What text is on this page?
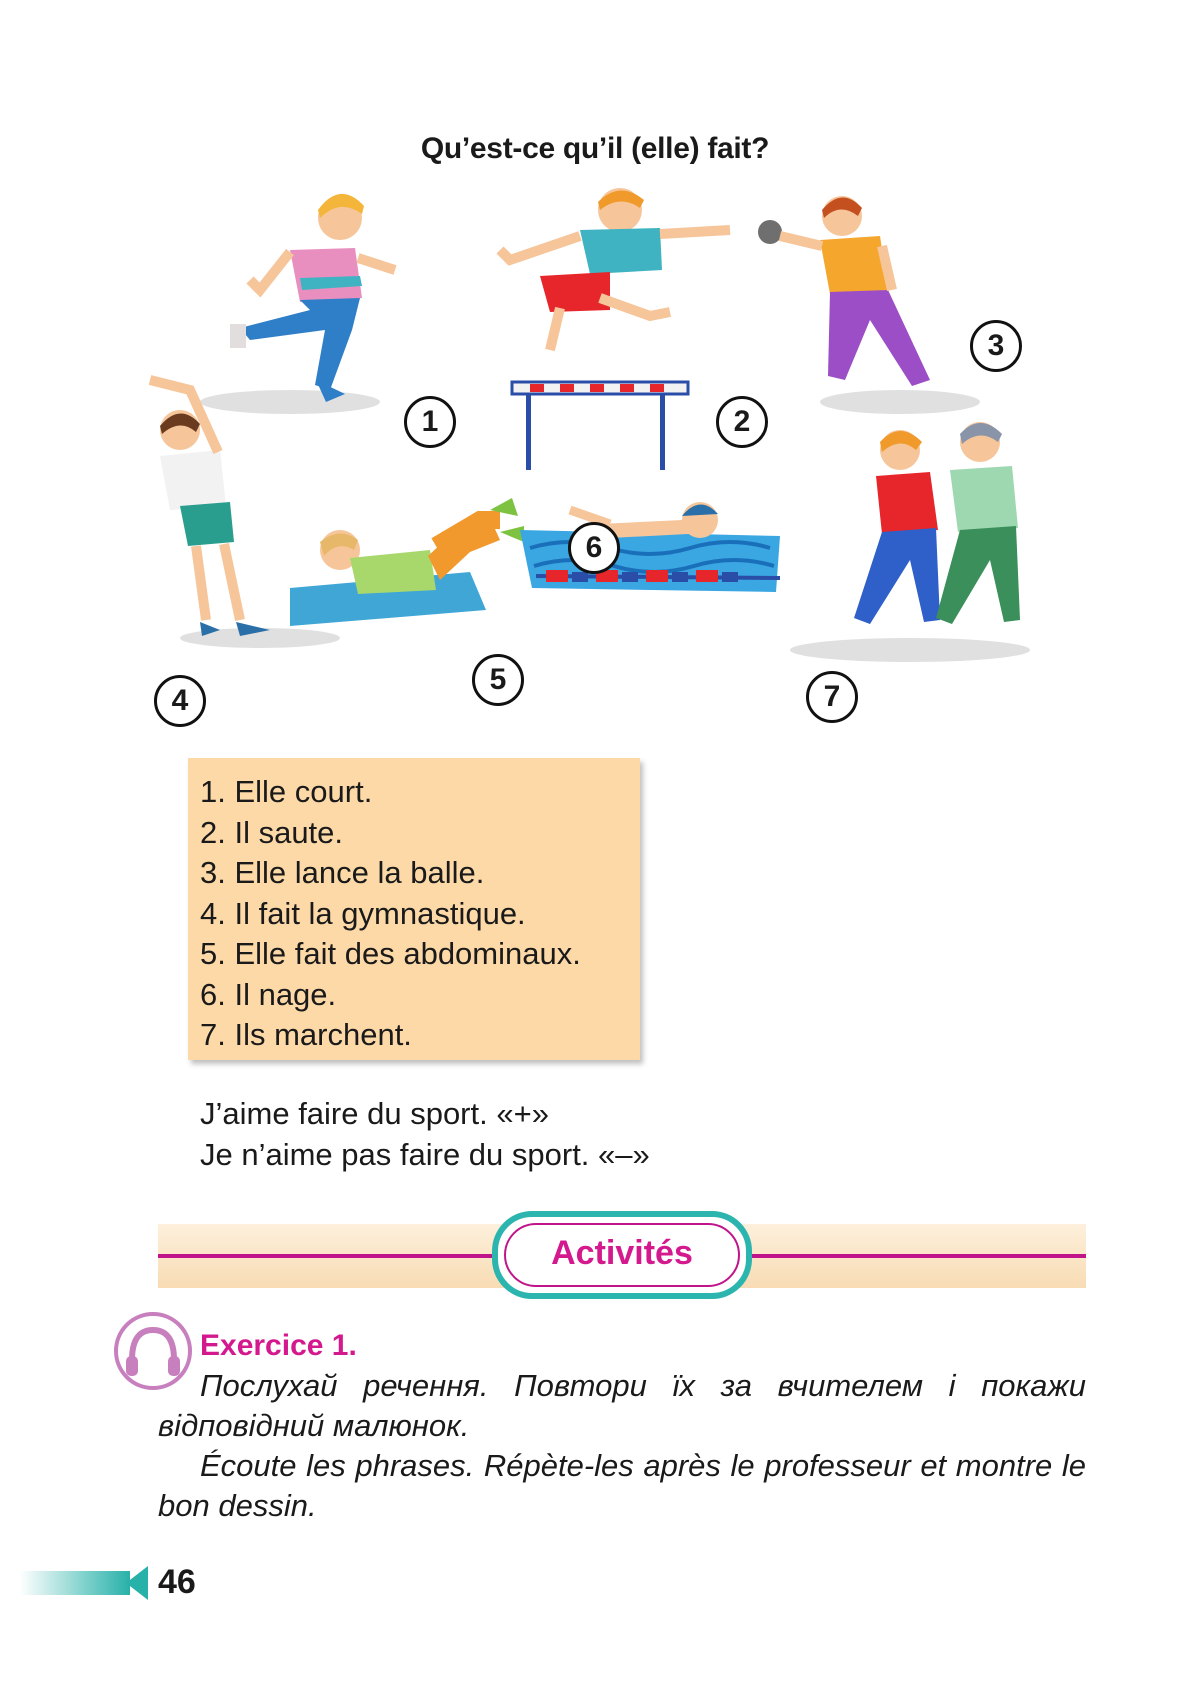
Qu’est-ce qu’il (elle) fait?
1	2
3
4
5
6
7
1. Elle court.
2. Il saute.
3. Elle lance la balle.
4. Il fait la gymnastique.
5. Elle fait des abdominaux.
6. Il nage.
7. Ils marchent.
J’aime faire du sport. «+»
Je n’aime pas faire du sport. «–»
Activités
Exercice 1.

Послухай речення. Повтори їх за вчителем і покажи відповідний малюнок.

Écoute les phrases. Répète-les après le professeur et montre le bon dessin.

46
